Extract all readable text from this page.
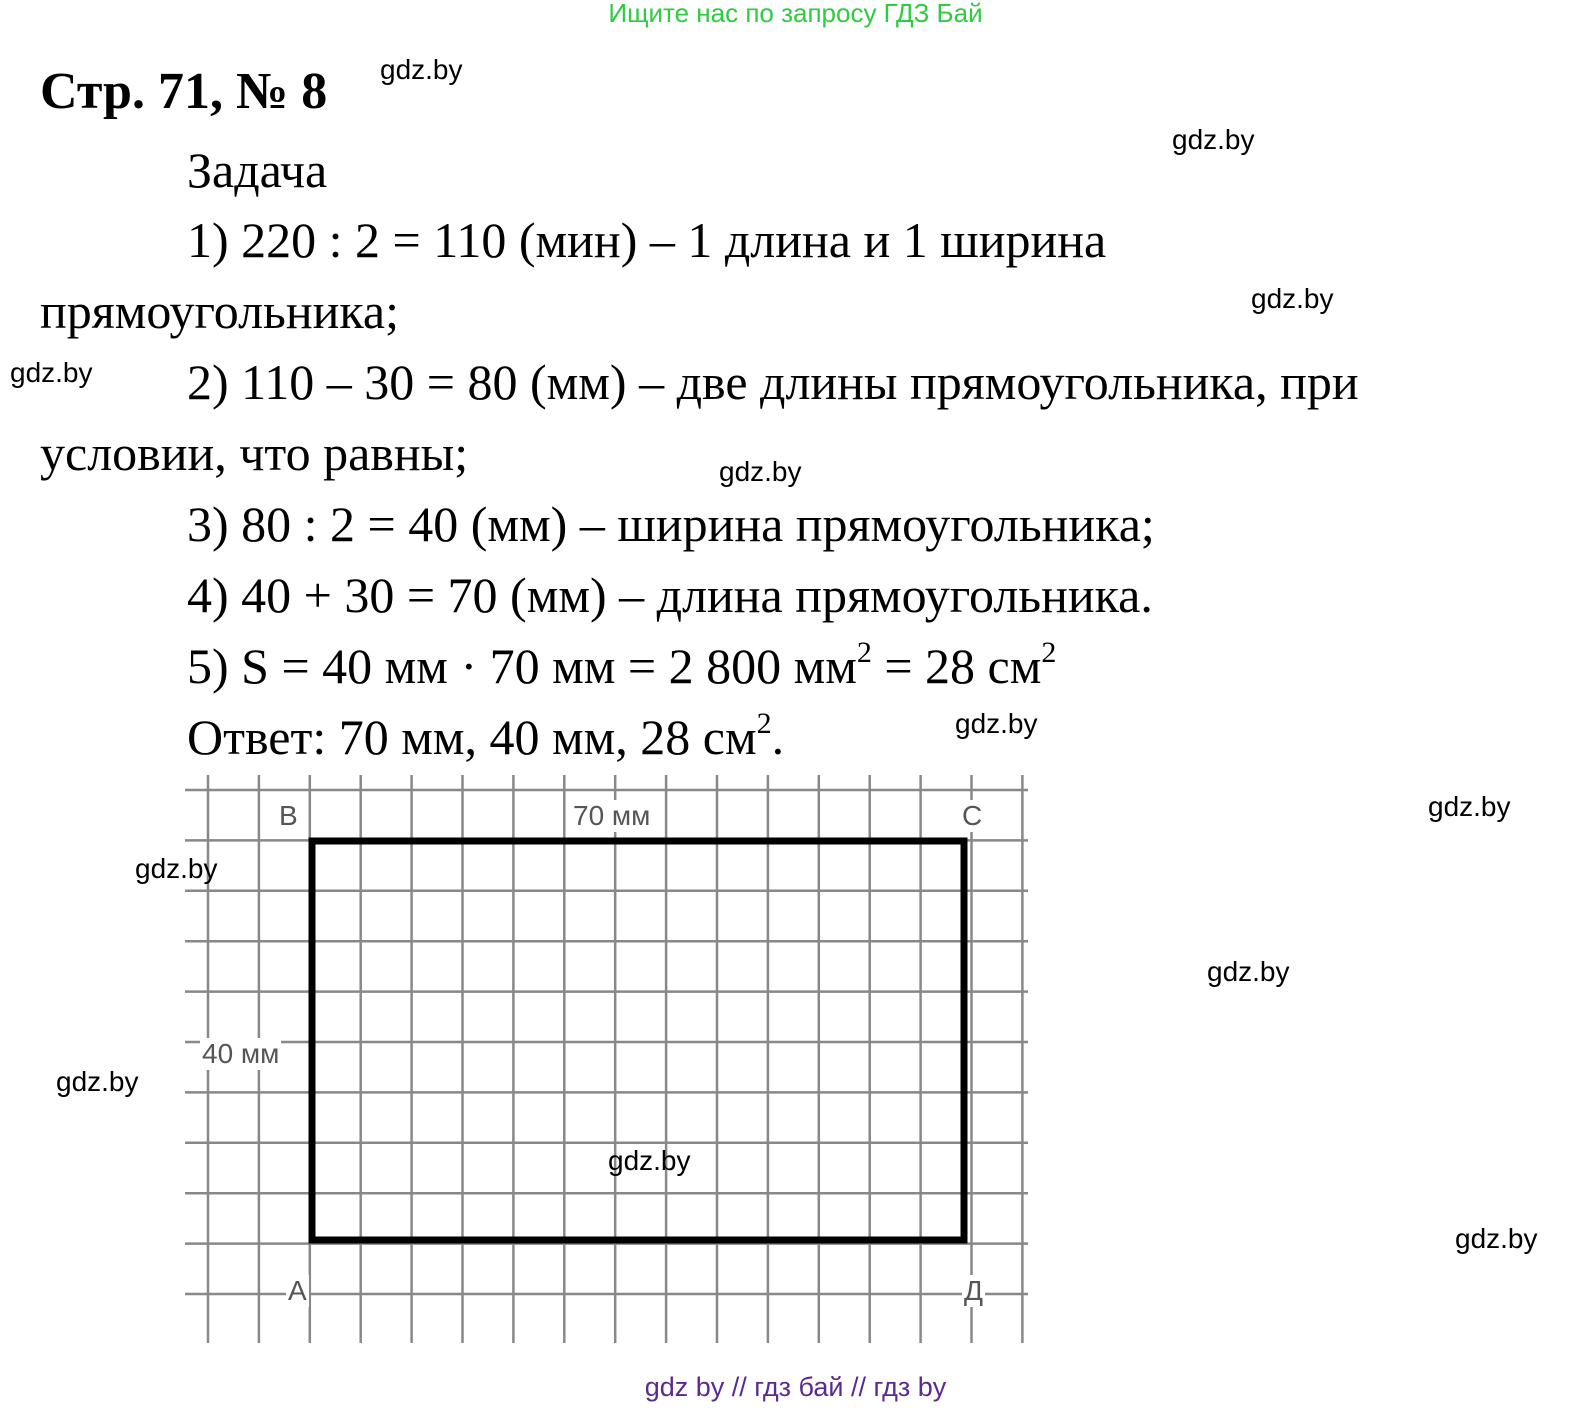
Ищите нас по запросу ГДЗ Бай
Стр. 71, № 8
Задача
1) 220 : 2 = 110 (мин) – 1 длина и 1 ширина
прямоугольника;
2) 110 – 30 = 80 (мм) – две длины прямоугольника, при
условии, что равны;
3) 80 : 2 = 40 (мм) – ширина прямоугольника;
4) 40 + 30 = 70 (мм) – длина прямоугольника.
5) S = 40 мм · 70 мм = 2 800 $мм^2 = 28$ $см^2$
Ответ: 70 мм, 40 мм, 28 $см^2$.
В	70 мм	С
40 мм
А	Д
gdz.by
gdz.by
gdz.by
gdz.by
gdz.by
gdz.by
gdz.by
gdz.by
gdz.by
gdz.by
gdz.by
gdz.by
gdz by // гдз бай // гдз by
